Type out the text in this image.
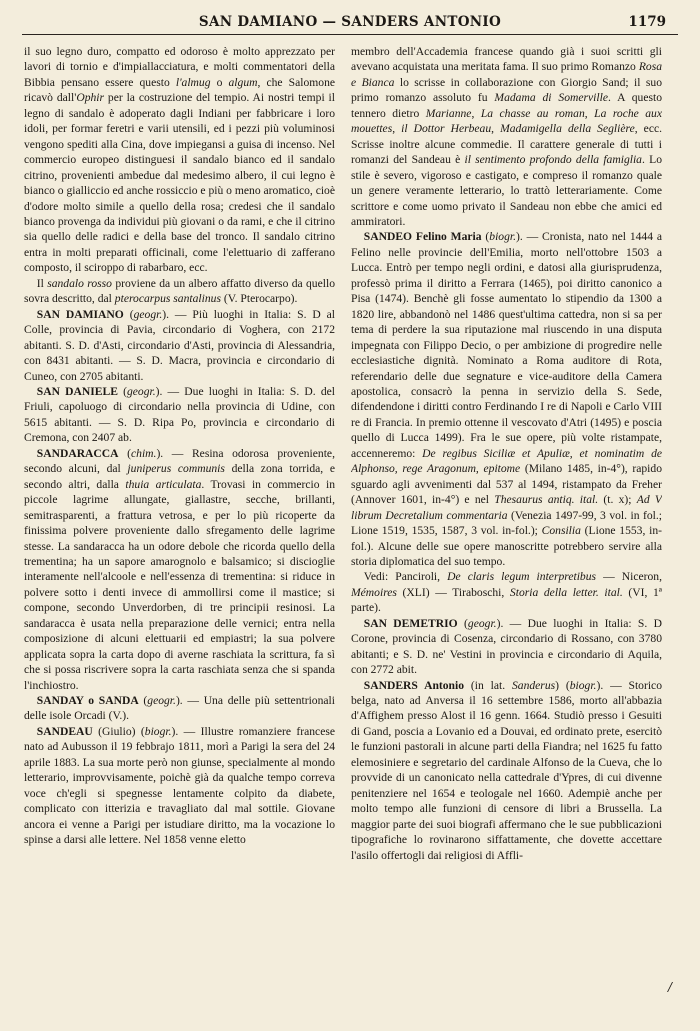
SAN DAMIANO — SANDERS ANTONIO	1179

il suo legno duro, compatto ed odoroso è molto apprezzato per lavori di tornio e d'impiallacciatura, e molti commentatori della Bibbia pensano essere questo l'almug o algum, che Salomone ricavò dall'Ophir per la costruzione del tempio. Ai nostri tempi il legno di sandalo è adoperato dagli Indiani per fabbricare i loro idoli, per formar feretri e varii utensili, ed i pezzi più voluminosi vengono spediti alla Cina, dove impiegansi a guisa di incenso. Nel commercio europeo distinguesi il sandalo bianco ed il sandalo citrino, provenienti ambedue dal medesimo albero, il cui legno è bianco o gialliccio ed anche rossiccio e più o meno aromatico, cioè d'odore molto simile a quello della rosa; credesi che il sandalo bianco provenga da individui più giovani o da rami, e che il citrino sia quello delle radici e della base del tronco. Il sandalo citrino entra in molti preparati officinali, come l'elettuario di zafferano composto, il sciroppo di rabarbaro, ecc.

Il sandalo rosso proviene da un albero affatto diverso da quello sovra descritto, dal pterocarpus santalinus (V. Pterocarpo).

SAN DAMIANO (geogr.). — Più luoghi in Italia: S. D al Colle, provincia di Pavia, circondario di Voghera, con 2172 abitanti. S. D. d'Asti, circondario d'Asti, provincia di Alessandria, con 8431 abitanti. — S. D. Macra, provincia e circondario di Cuneo, con 2705 abitanti.

SAN DANIELE (geogr.). — Due luoghi in Italia: S. D. del Friuli, capoluogo di circondario nella provincia di Udine, con 5615 abitanti. — S. D. Ripa Po, provincia e circondario di Cremona, con 2407 ab.

SANDARACCA (chim.). — Resina odorosa proveniente, secondo alcuni, dal juniperus communis della zona torrida, e secondo altri, dalla thuia articulata. Trovasi in commercio in piccole lagrime allungate, giallastre, secche, brillanti, semitrasparenti, a frattura vetrosa, e per lo più ricoperte da finissima polvere proveniente dallo sfregamento delle lagrime stesse. La sandaracca ha un odore debole che ricorda quello della trementina; ha un sapore amarognolo e balsamico; si discioglie interamente nell'alcoole e nell'essenza di trementina: si riduce in polvere sotto i denti invece di ammollirsi come il mastice; si compone, secondo Unverdorben, di tre principii resinosi. La sandaracca è usata nella preparazione delle vernici; entra nella composizione di alcuni elettuarii ed empiastri; la sua polvere applicata sopra la carta dopo di averne raschiata la scrittura, fa sì che si possa riscrivere sopra la carta raschiata senza che si spanda l'inchiostro.

SANDAY o SANDA (geogr.). — Una delle più settentrionali delle isole Orcadi (V.).

SANDEAU (Giulio) (biogr.). — Illustre romanziere francese nato ad Aubusson il 19 febbrajo 1811, morì a Parigi la sera del 24 aprile 1883. La sua morte però non giunse, specialmente al mondo letterario, improvvisamente, poichè già da qualche tempo correva voce ch'egli si spegnesse lentamente colpito da diabete, complicato con itterizia e travagliato dal mal sottile. Giovane ancora ei venne a Parigi per istudiare diritto, ma la vocazione lo spinse a darsi alle lettere. Nel 1858 venne eletto

membro dell'Accademia francese quando già i suoi scritti gli avevano acquistata una meritata fama. Il suo primo Romanzo Rosa e Bianca lo scrisse in collaborazione con Giorgio Sand; il suo primo romanzo assoluto fu Madama di Somerville. A questo tennero dietro Marianne, La chasse au roman, La roche aux mouettes, il Dottor Herbeau, Madamigella della Seglière, ecc. Scrisse inoltre alcune commedie. Il carattere generale di tutti i romanzi del Sandeau è il sentimento profondo della famiglia. Lo stile è severo, vigoroso e castigato, e compreso il romanzo quale un genere veramente letterario, lo trattò letterariamente. Come scrittore e come uomo privato il Sandeau non ebbe che amici ed ammiratori.

SANDEO Felino Maria (biogr.). — Cronista, nato nel 1444 a Felino nelle provincie dell'Emilia, morto nell'ottobre 1503 a Lucca. Entrò per tempo negli ordini, e datosi alla giurisprudenza, professò prima il diritto a Ferrara (1465), poi diritto canonico a Pisa (1474). Benchè gli fosse aumentato lo stipendio da 1300 a 1820 lire, abbandonò nel 1486 quest'ultima cattedra, non si sa per tema di perdere la sua riputazione mal riuscendo in una disputa impegnata con Filippo Decio, o per ambizione di progredire nelle ecclesiastiche dignità. Nominato a Roma auditore di Rota, referendario delle due segnature e vice-auditore della Camera apostolica, consacrò la penna in servizio della S. Sede, difendendone i diritti contro Ferdinando I re di Napoli e Carlo VIII re di Francia. In premio ottenne il vescovato d'Atri (1495) e poscia quello di Lucca 1499). Fra le sue opere, più volte ristampate, accenneremo: De regibus Siciliæ et Apuliæ, et nominatim de Alphonso, rege Aragonum, epitome (Milano 1485, in-4°), rapido sguardo agli avvenimenti dal 537 al 1494, ristampato da Freher (Annover 1601, in-4°) e nel Thesaurus antiq. ital. (t. x); Ad V librum Decretalium commentaria (Venezia 1497-99, 3 vol. in fol.; Lione 1519, 1535, 1587, 3 vol. in-fol.); Consilia (Lione 1553, in-fol.). Alcune delle sue opere manoscritte potrebbero servire alla storia diplomatica del suo tempo.

Vedi: Panciroli, De claris legum interpretibus — Niceron, Mémoires (XLI) — Tiraboschi, Storia della letter. ital. (VI, 1ª parte).

SAN DEMETRIO (geogr.). — Due luoghi in Italia: S. D Corone, provincia di Cosenza, circondario di Rossano, con 3780 abitanti; e S. D. ne' Vestini in provincia e circondario di Aquila, con 2772 abit.

SANDERS Antonio (in lat. Sanderus) (biogr.). — Storico belga, nato ad Anversa il 16 settembre 1586, morto all'abbazia d'Affighem presso Alost il 16 genn. 1664. Studiò presso i Gesuiti di Gand, poscia a Lovanio ed a Douvai, ed ordinato prete, esercitò le funzioni pastorali in alcune parti della Fiandra; nel 1625 fu fatto elemosiniere e segretario del cardinale Alfonso de la Cueva, che lo provvide di un canonicato nella cattedrale d'Ypres, di cui divenne penitenziere nel 1654 e teologale nel 1660. Adempiè anche per molto tempo alle funzioni di censore di libri a Brussella. La maggior parte dei suoi biografi affermano che le sue pubblicazioni tipografiche lo rovinarono siffattamente, che dovette accettare l'asilo offertogli dai religiosi di Affli-

/
